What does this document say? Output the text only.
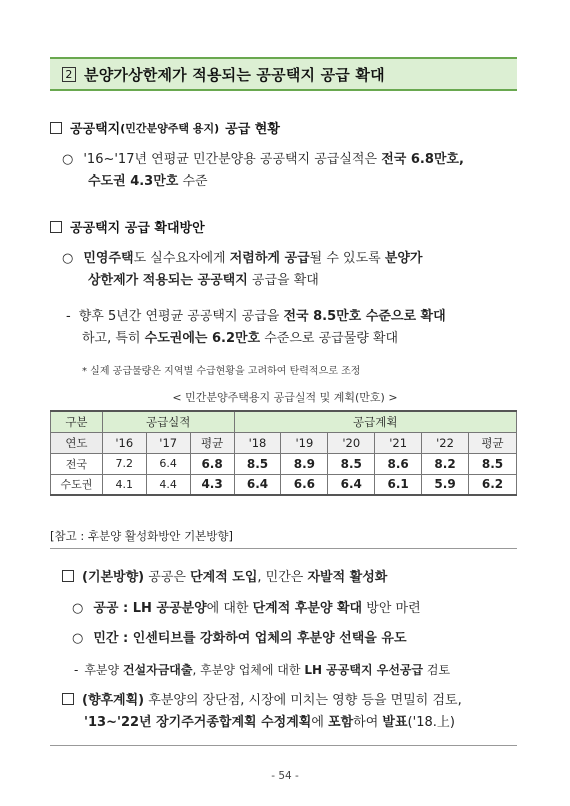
2 분양가상한제가 적용되는 공공택지 공급 확대
공공택지 (민간분양주택 용지) 공급 현황
○ '16~'17년 연평균 민간분양용 공공택지 공급실적은 전국 6.8만호,
수도권 4.3만호 수준
공공택지 공급 확대방안
○ 민영주택도 실수요자에게 저렴하게 공급될 수 있도록 분양가
상한제가 적용되는 공공택지 공급을 확대
- 향후 5년간 연평균 공공택지 공급을 전국 8.5만호 수준으로 확대
하고, 특히 수도권에는 6.2만호 수준으로 공급물량 확대
* 실제 공급물량은 지역별 수급현황을 고려하여 탄력적으로 조정
< 민간분양주택용지 공급실적 및 계획(만호) >
구분	공급실적			공급계획					
연도	'16	'17	평균	'18	'19	'20	'21	'22	평균
전국	7.2	6.4	6.8	8.5	8.9	8.5	8.6	8.2	8.5
수도권	4.1	4.4	4.3	6.4	6.6	6.4	6.1	5.9	6.2
[참고 : 후분양 활성화방안 기본방향]
(기본방향) 공공은 단계적 도입, 민간은 자발적 활성화
○ 공공 : LH 공공분양에 대한 단계적 후분양 확대 방안 마련
○ 민간 : 인센티브를 강화하여 업체의 후분양 선택을 유도
- 후분양 건설자금대출, 후분양 업체에 대한 LH 공공택지 우선공급 검토
(향후계획) 후분양의 장단점, 시장에 미치는 영향 등을 면밀히 검토,
'13~'22년 장기주거종합계획 수정계획에 포함하여 발표('18.上)
- 54 -
